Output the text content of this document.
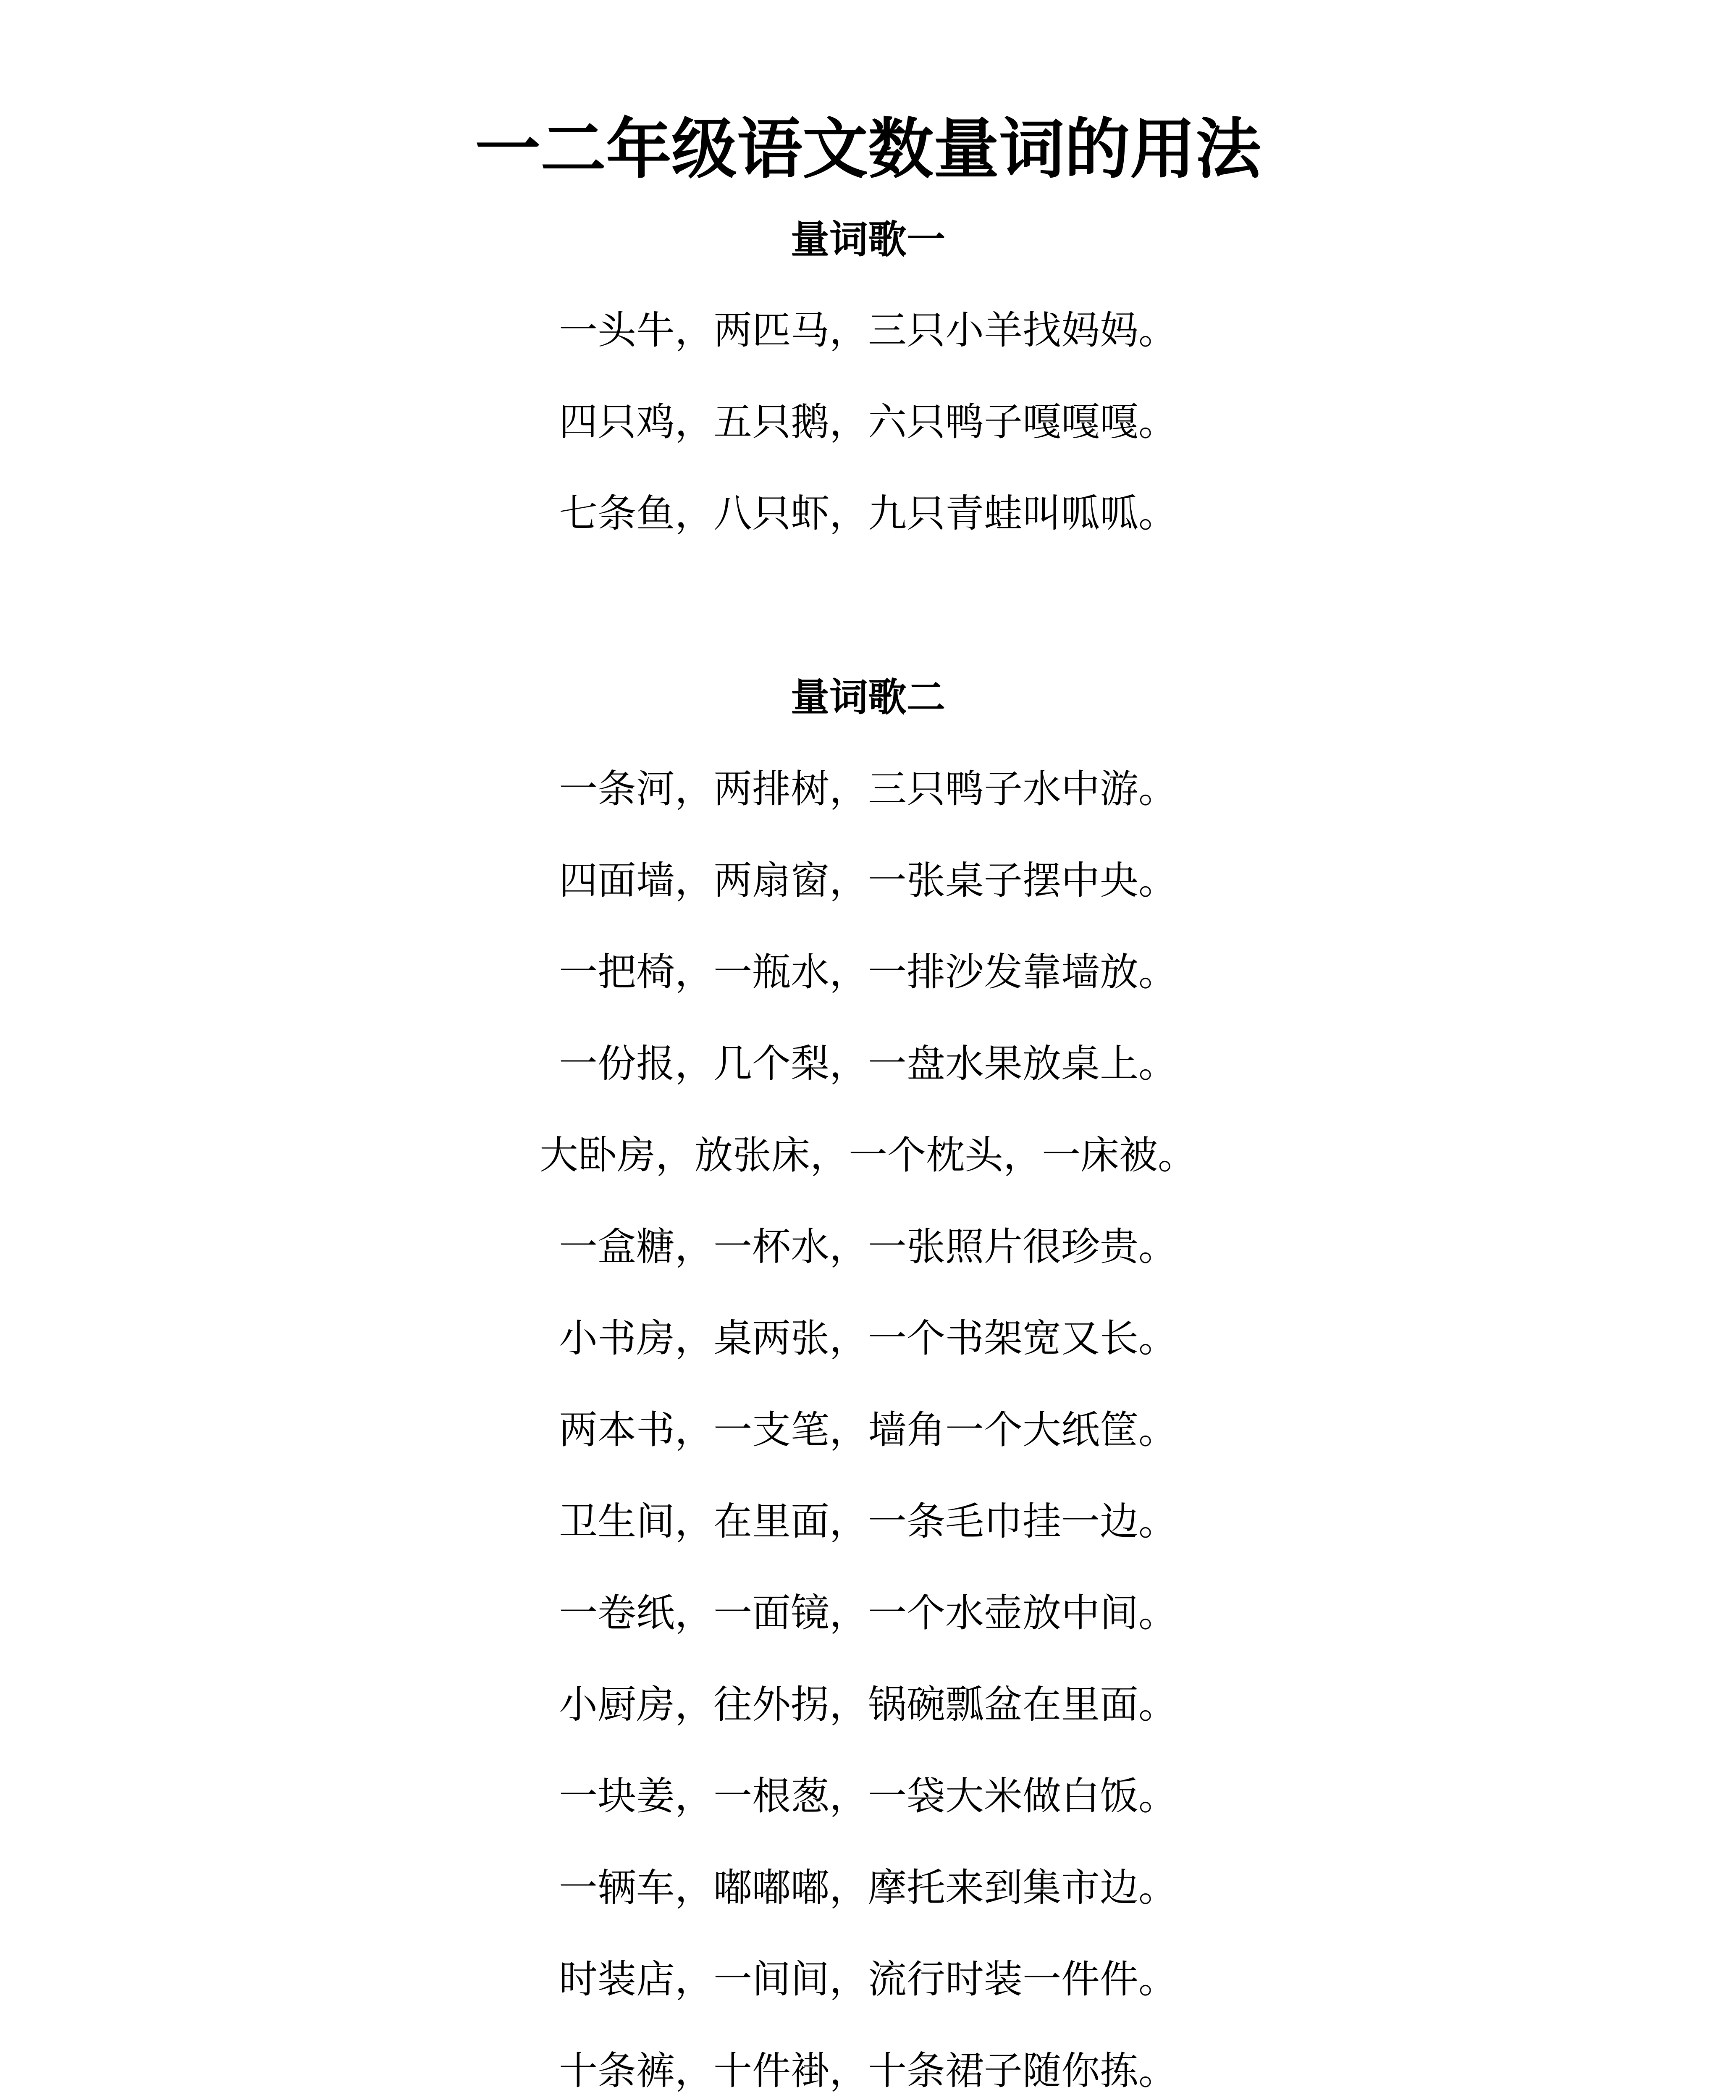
一二年级语文数量词的用法
量词歌一
一头牛，两匹马，三只小羊找妈妈。
四只鸡，五只鹅，六只鸭子嘎嘎嘎。
七条鱼，八只虾，九只青蛙叫呱呱。
量词歌二
一条河，两排树，三只鸭子水中游。
四面墙，两扇窗，一张桌子摆中央。
一把椅，一瓶水，一排沙发靠墙放。
一份报，几个梨，一盘水果放桌上。
大卧房，放张床，一个枕头，一床被。
一盒糖，一杯水，一张照片很珍贵。
小书房，桌两张，一个书架宽又长。
两本书，一支笔，墙角一个大纸筐。
卫生间，在里面，一条毛巾挂一边。
一卷纸，一面镜，一个水壶放中间。
小厨房，往外拐，锅碗瓢盆在里面。
一块姜，一根葱，一袋大米做白饭。
一辆车，嘟嘟嘟，摩托来到集市边。
时装店，一间间，流行时装一件件。
十条裤，十件褂，十条裙子随你拣。
